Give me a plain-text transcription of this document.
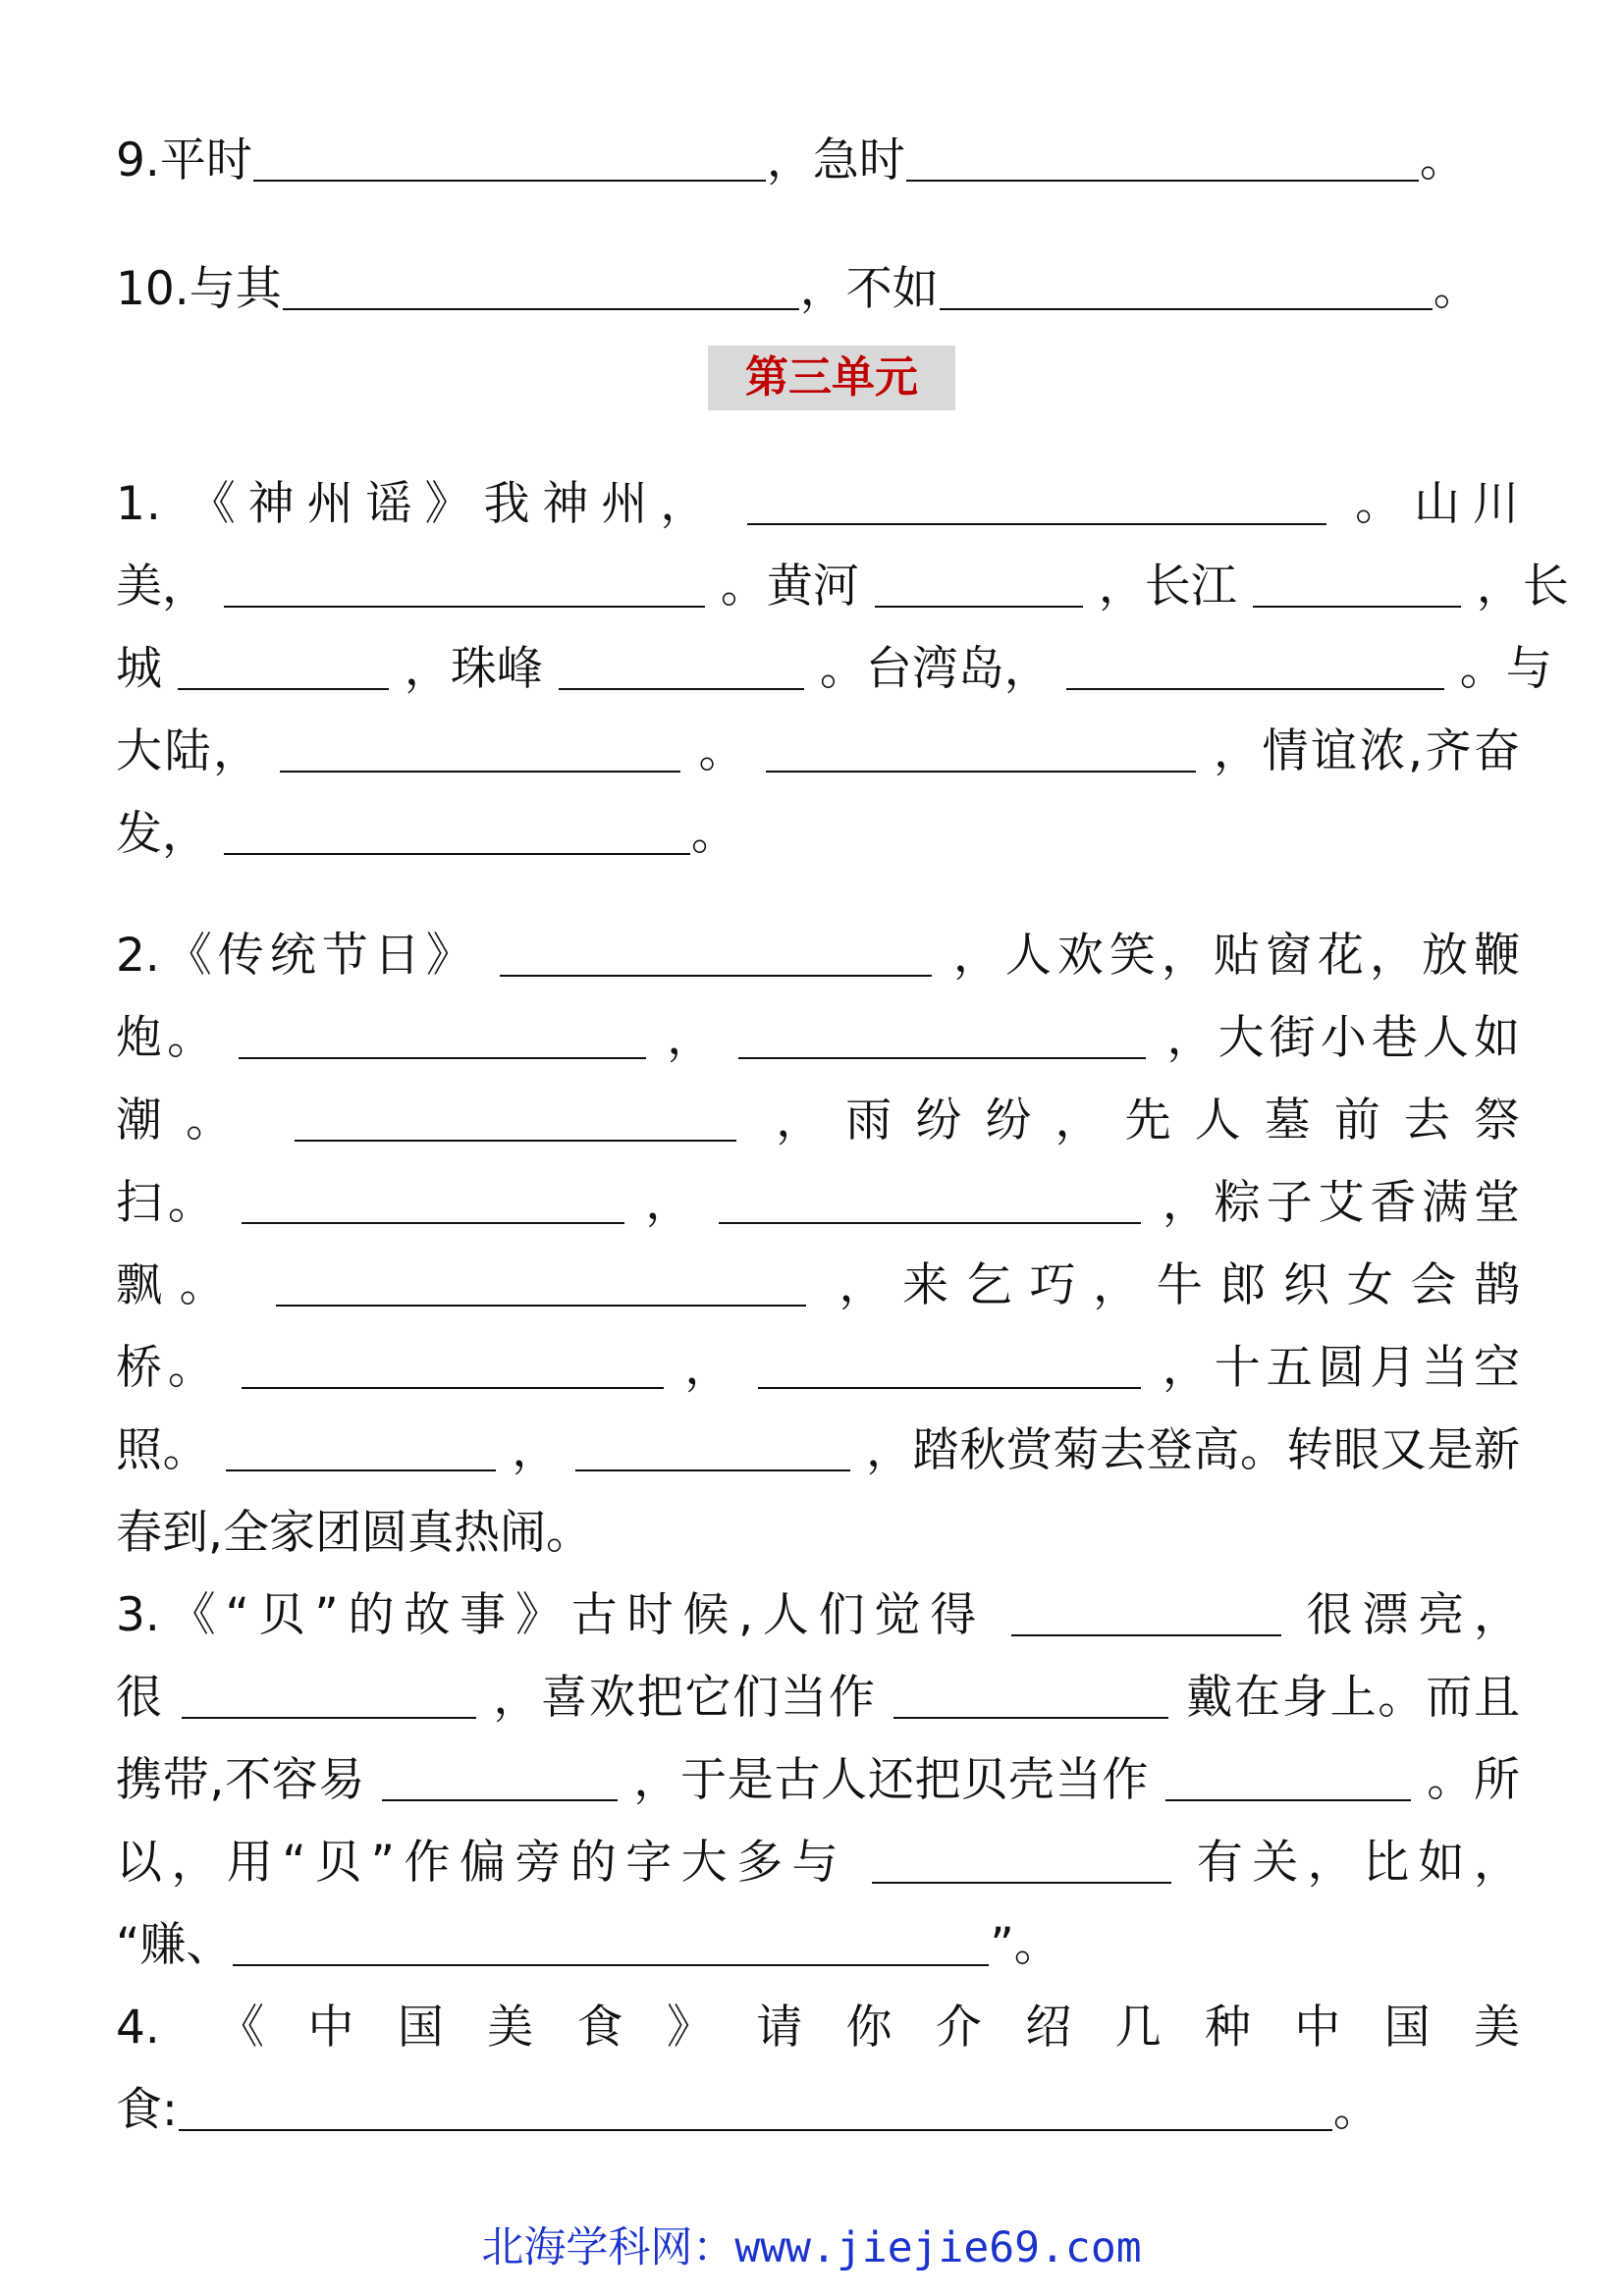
9.平时	，急时	。
10.与其	，不如	。
第三单元
1. 《神州谣》我神州，	。山川
美，	。黄河	，长江	，长
城	，珠峰	。台湾岛，	。与
大陆，	。	，情谊浓,齐奋
发，	。
2.《传统节日》	，人欢笑，贴窗花，放鞭
炮。	，	，大街小巷人如
潮。	，雨纷纷，先人墓前去祭
扫。	，	，粽子艾香满堂
飘。	，来乞巧，牛郎织女会鹊
桥。	，	，十五圆月当空
照。	，	，踏秋赏菊去登高。转眼又是新
春到,全家团圆真热闹。
3.《“贝”的故事》古时候,人们觉得	很漂亮，
很	，喜欢把它们当作	戴在身上。而且
携带,不容易	，于是古人还把贝壳当作	。所
以，用“贝”作偏旁的字大多与	有关，比如，
“赚、	”。
4. 《中国美食》请你介绍几种中国美
食:	。
北海学科网：www.jiejie69.com
